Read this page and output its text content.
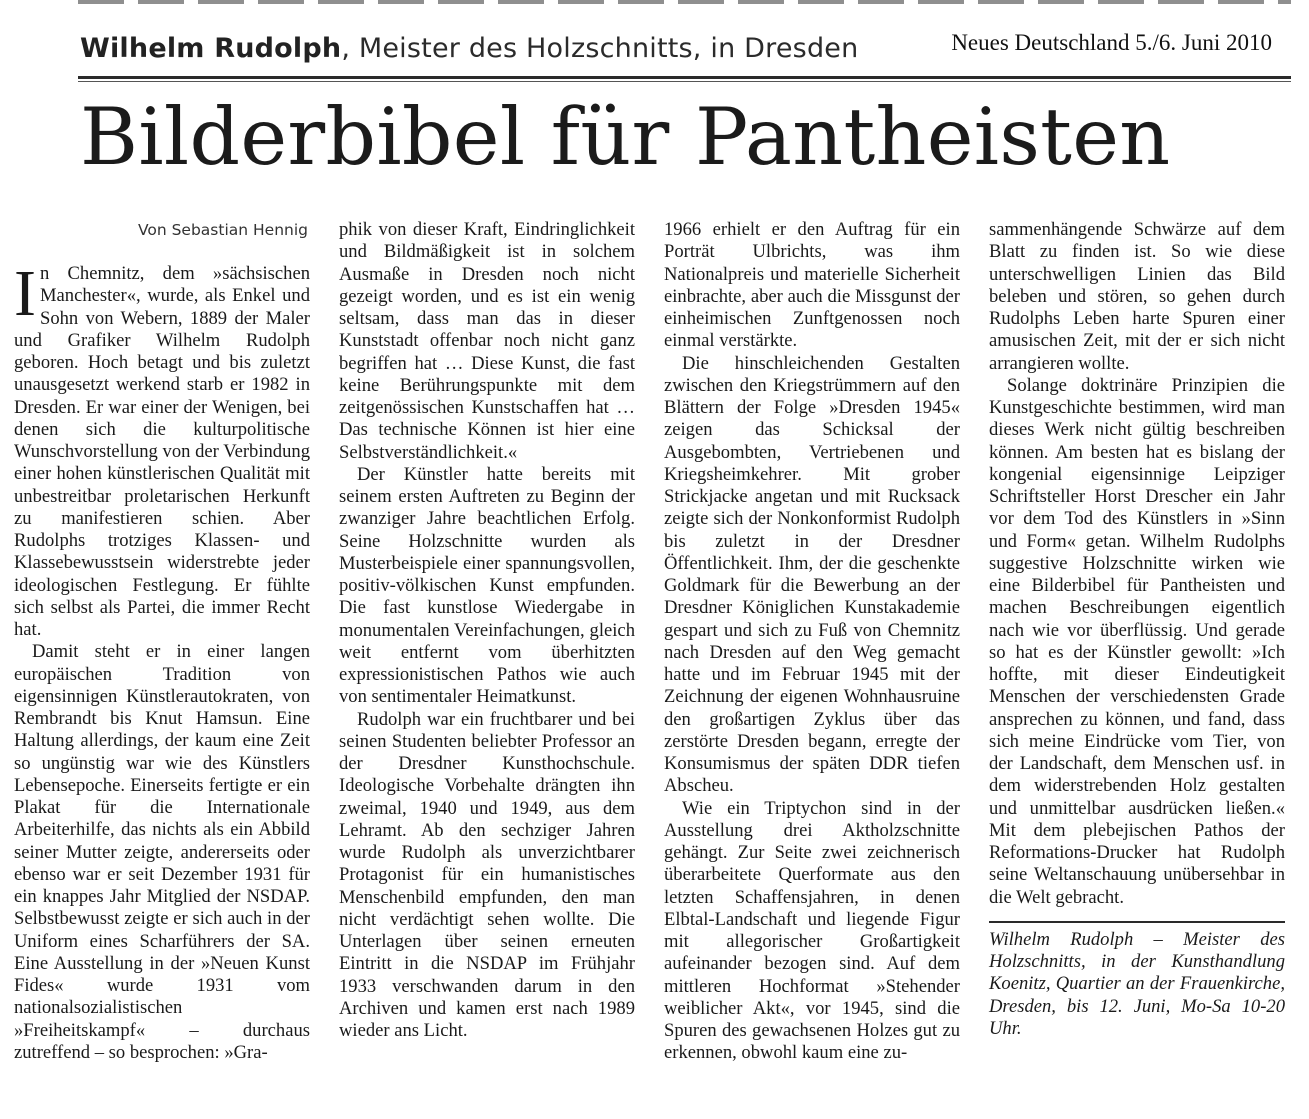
Wilhelm Rudolph, Meister des Holzschnitts, in Dresden	Neues Deutschland 5./6. Juni 2010
Bilderbibel für Pantheisten
Von Sebastian Hennig

In Chemnitz, dem »sächsischen Manchester«, wurde, als Enkel und Sohn von Webern, 1889 der Maler und Grafiker Wilhelm Rudolph geboren. Hoch betagt und bis zuletzt unausgesetzt werkend starb er 1982 in Dresden. Er war einer der Wenigen, bei denen sich die kulturpolitische Wunschvorstellung von der Verbindung einer hohen künstlerischen Qualität mit unbestreitbar proletarischen Herkunft zu manifestieren schien. Aber Rudolphs trotziges Klassen- und Klassebewusstsein widerstrebte jeder ideologischen Festlegung. Er fühlte sich selbst als Partei, die immer Recht hat.

Damit steht er in einer langen europäischen Tradition von eigensinnigen Künstlerautokraten, von Rembrandt bis Knut Hamsun. Eine Haltung allerdings, der kaum eine Zeit so ungünstig war wie des Künstlers Lebensepoche. Einerseits fertigte er ein Plakat für die Internationale Arbeiterhilfe, das nichts als ein Abbild seiner Mutter zeigte, andererseits oder ebenso war er seit Dezember 1931 für ein knappes Jahr Mitglied der NSDAP. Selbstbewusst zeigte er sich auch in der Uniform eines Scharführers der SA. Eine Ausstellung in der »Neuen Kunst Fides« wurde 1931 vom nationalsozialistischen »Freiheitskampf« – durchaus zutreffend – so besprochen: »Gra-

phik von dieser Kraft, Eindringlichkeit und Bildmäßigkeit ist in solchem Ausmaße in Dresden noch nicht gezeigt worden, und es ist ein wenig seltsam, dass man das in dieser Kunststadt offenbar noch nicht ganz begriffen hat … Diese Kunst, die fast keine Berührungspunkte mit dem zeitgenössischen Kunstschaffen hat … Das technische Können ist hier eine Selbstverständlichkeit.«

Der Künstler hatte bereits mit seinem ersten Auftreten zu Beginn der zwanziger Jahre beachtlichen Erfolg. Seine Holzschnitte wurden als Musterbeispiele einer spannungsvollen, positiv-völkischen Kunst empfunden. Die fast kunstlose Wiedergabe in monumentalen Vereinfachungen, gleich weit entfernt vom überhitzten expressionistischen Pathos wie auch von sentimentaler Heimatkunst.

Rudolph war ein fruchtbarer und bei seinen Studenten beliebter Professor an der Dresdner Kunsthochschule. Ideologische Vorbehalte drängten ihn zweimal, 1940 und 1949, aus dem Lehramt. Ab den sechziger Jahren wurde Rudolph als unverzichtbarer Protagonist für ein humanistisches Menschenbild empfunden, den man nicht verdächtigt sehen wollte. Die Unterlagen über seinen erneuten Eintritt in die NSDAP im Frühjahr 1933 verschwanden darum in den Archiven und kamen erst nach 1989 wieder ans Licht.

1966 erhielt er den Auftrag für ein Porträt Ulbrichts, was ihm Nationalpreis und materielle Sicherheit einbrachte, aber auch die Missgunst der einheimischen Zunftgenossen noch einmal verstärkte.

Die hinschleichenden Gestalten zwischen den Kriegstrümmern auf den Blättern der Folge »Dresden 1945« zeigen das Schicksal der Ausgebombten, Vertriebenen und Kriegsheimkehrer. Mit grober Strickjacke angetan und mit Rucksack zeigte sich der Nonkonformist Rudolph bis zuletzt in der Dresdner Öffentlichkeit. Ihm, der die geschenkte Goldmark für die Bewerbung an der Dresdner Königlichen Kunstakademie gespart und sich zu Fuß von Chemnitz nach Dresden auf den Weg gemacht hatte und im Februar 1945 mit der Zeichnung der eigenen Wohnhausruine den großartigen Zyklus über das zerstörte Dresden begann, erregte der Konsumismus der späten DDR tiefen Abscheu.

Wie ein Triptychon sind in der Ausstellung drei Aktholzschnitte gehängt. Zur Seite zwei zeichnerisch überarbeitete Querformate aus den letzten Schaffensjahren, in denen Elbtal-Landschaft und liegende Figur mit allegorischer Großartigkeit aufeinander bezogen sind. Auf dem mittleren Hochformat »Stehender weiblicher Akt«, vor 1945, sind die Spuren des gewachsenen Holzes gut zu erkennen, obwohl kaum eine zu-

sammenhängende Schwärze auf dem Blatt zu finden ist. So wie diese unterschwelligen Linien das Bild beleben und stören, so gehen durch Rudolphs Leben harte Spuren einer amusischen Zeit, mit der er sich nicht arrangieren wollte.

Solange doktrinäre Prinzipien die Kunstgeschichte bestimmen, wird man dieses Werk nicht gültig beschreiben können. Am besten hat es bislang der kongenial eigensinnige Leipziger Schriftsteller Horst Drescher ein Jahr vor dem Tod des Künstlers in »Sinn und Form« getan. Wilhelm Rudolphs suggestive Holzschnitte wirken wie eine Bilderbibel für Pantheisten und machen Beschreibungen eigentlich nach wie vor überflüssig. Und gerade so hat es der Künstler gewollt: »Ich hoffte, mit dieser Eindeutigkeit Menschen der verschiedensten Grade ansprechen zu können, und fand, dass sich meine Eindrücke vom Tier, von der Landschaft, dem Menschen usf. in dem widerstrebenden Holz gestalten und unmittelbar ausdrücken ließen.« Mit dem plebejischen Pathos der Reformations-Drucker hat Rudolph seine Weltanschauung unübersehbar in die Welt gebracht.

Wilhelm Rudolph – Meister des Holzschnitts, in der Kunsthandlung Koenitz, Quartier an der Frauenkirche, Dresden, bis 12. Juni, Mo-Sa 10-20 Uhr.
